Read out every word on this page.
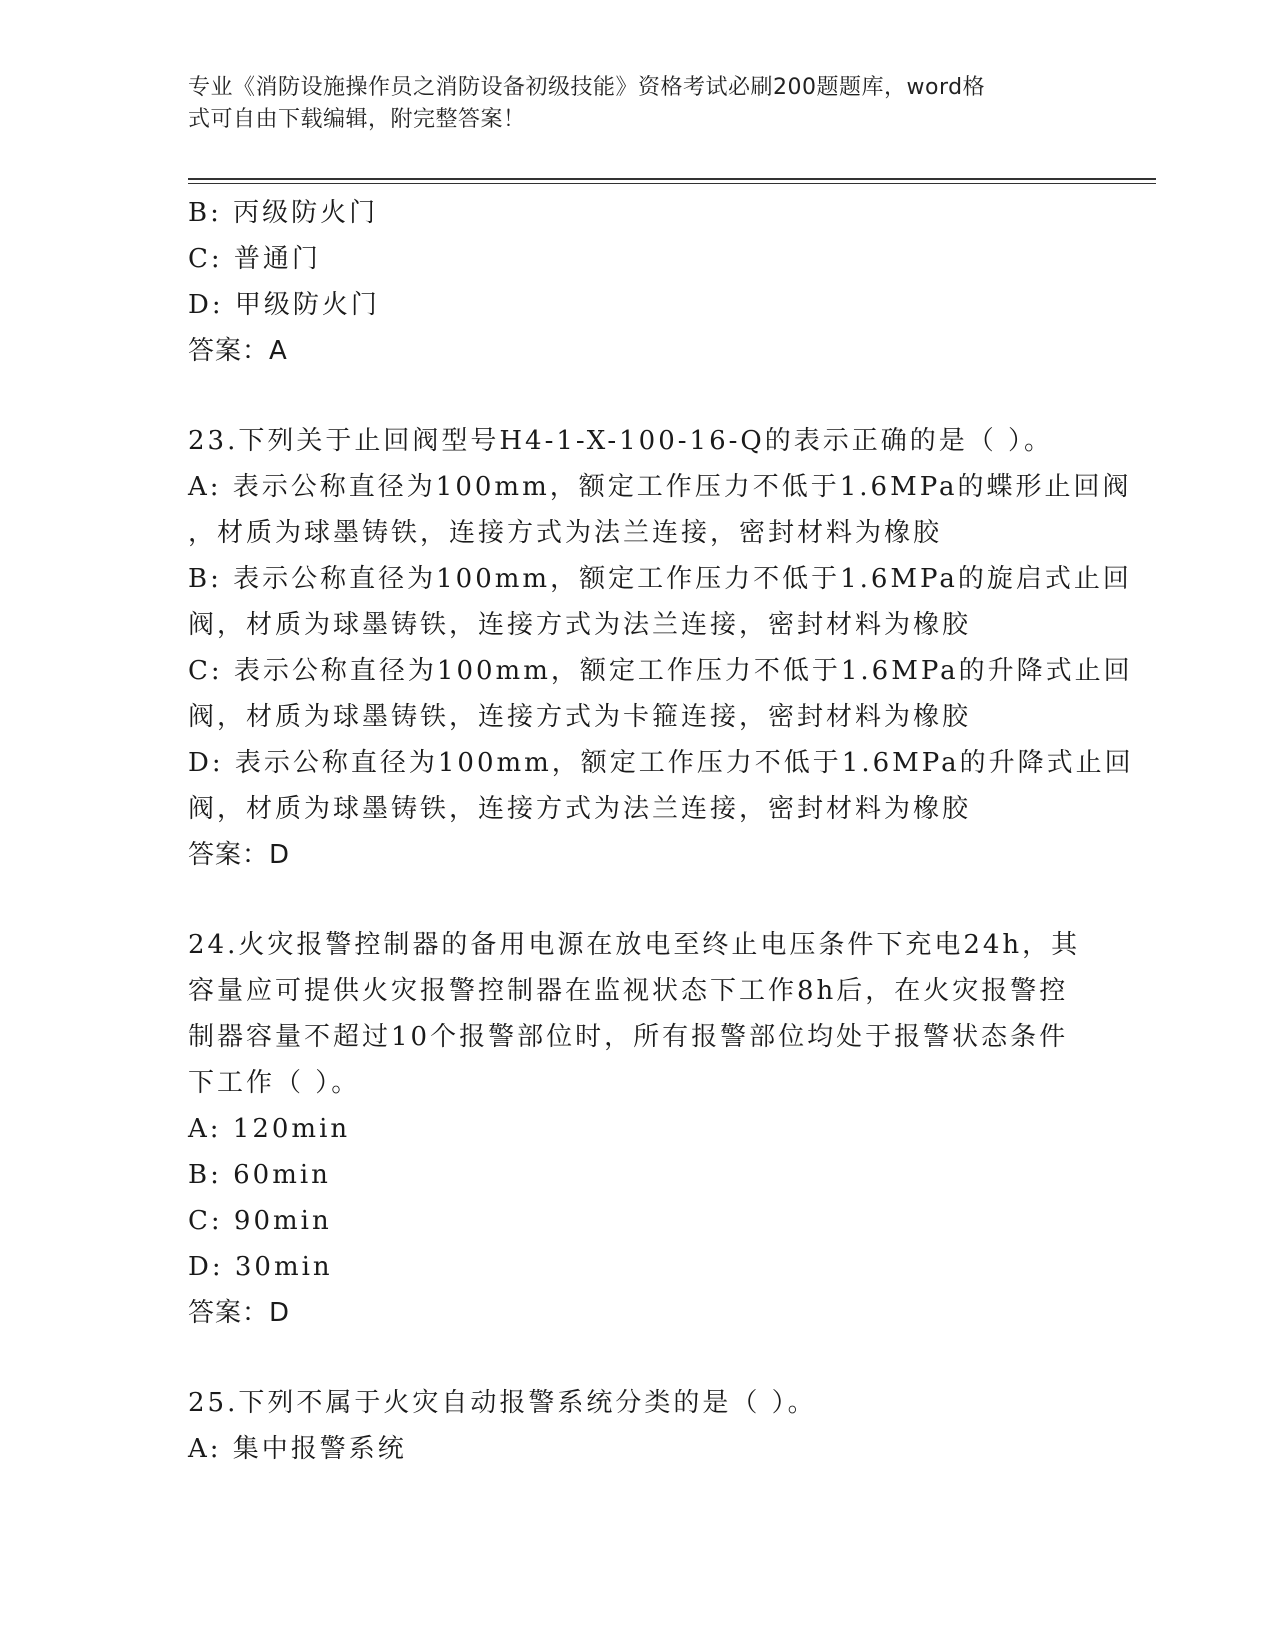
专业《消防设施操作员之消防设备初级技能》资格考试必刷200题题库，word格
式可自由下载编辑，附完整答案！
B: 丙级防火门
C: 普通门
D: 甲级防火门
答案：A
23.下列关于止回阀型号H4-1-X-100-16-Q的表示正确的是（ ）。
A: 表示公称直径为100mm，额定工作压力不低于1.6MPa的蝶形止回阀
，材质为球墨铸铁，连接方式为法兰连接，密封材料为橡胶
B: 表示公称直径为100mm，额定工作压力不低于1.6MPa的旋启式止回
阀，材质为球墨铸铁，连接方式为法兰连接，密封材料为橡胶
C: 表示公称直径为100mm，额定工作压力不低于1.6MPa的升降式止回
阀，材质为球墨铸铁，连接方式为卡箍连接，密封材料为橡胶
D: 表示公称直径为100mm，额定工作压力不低于1.6MPa的升降式止回
阀，材质为球墨铸铁，连接方式为法兰连接，密封材料为橡胶
答案：D
24.火灾报警控制器的备用电源在放电至终止电压条件下充电24h，其
容量应可提供火灾报警控制器在监视状态下工作8h后，在火灾报警控
制器容量不超过10个报警部位时，所有报警部位均处于报警状态条件
下工作（ ）。
A: 120min
B: 60min
C: 90min
D: 30min
答案：D
25.下列不属于火灾自动报警系统分类的是（ ）。
A: 集中报警系统
